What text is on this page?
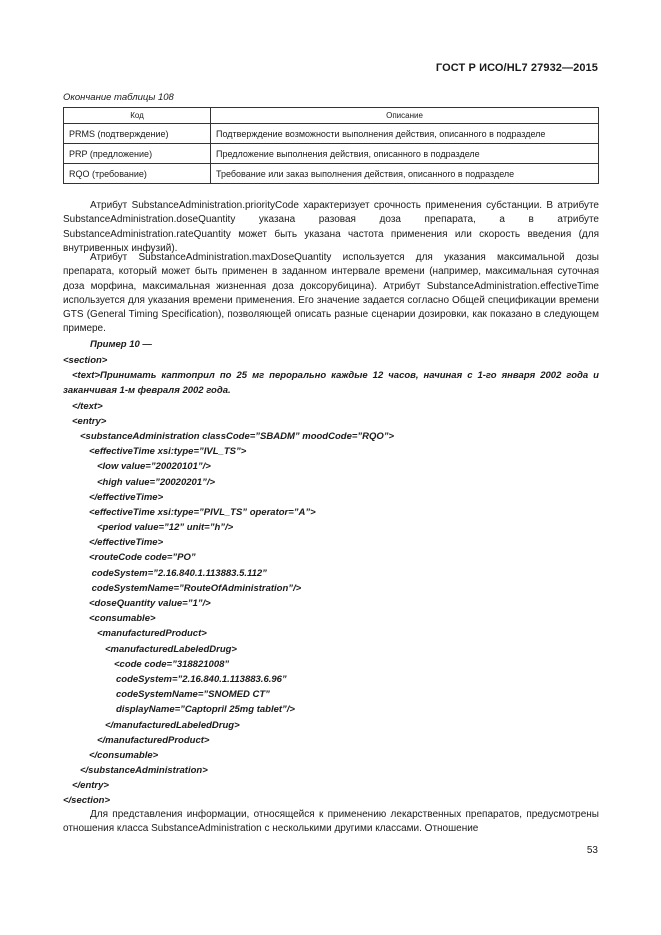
ГОСТ Р ИСО/HL7 27932—2015
Окончание таблицы 108
Код	Описание
PRMS (подтверждение)	Подтверждение возможности выполнения действия, описанного в подразделе
PRP (предложение)	Предложение выполнения действия, описанного в подразделе
RQO (требование)	Требование или заказ выполнения действия, описанного в подразделе

Атрибут SubstanceAdministration.priorityCode характеризует срочность применения субстанции. В атрибуте SubstanceAdministration.doseQuantity указана разовая доза препарата, а в атрибуте SubstanceAdministration.rateQuantity может быть указана частота применения или скорость введения (для внутривенных инфузий).

Атрибут SubstanceAdministration.maxDoseQuantity используется для указания максимальной дозы препарата, который может быть применен в заданном интервале времени (например, максимальная суточная доза морфина, максимальная жизненная доза доксорубицина). Атрибут SubstanceAdministration.effectiveTime используется для указания времени применения. Его значение задается согласно Общей спецификации времени GTS (General Timing Specification), позволяющей описать разные сценарии дозировки, как показано в следующем примере.

Пример 10 —
<section>
<text>Принимать каптоприл по 25 мг перорально каждые 12 часов, начиная с 1-го января 2002 года и заканчивая 1-м февраля 2002 года.
</text>
<entry>
<substanceAdministration classCode=”SBADM” moodCode=”RQO”>
<effectiveTime xsi:type=”IVL_TS”>
<low value=”20020101”/>
<high value=”20020201”/>
</effectiveTime>
<effectiveTime xsi:type=”PIVL_TS” operator=”A”>
<period value=”12” unit=”h”/>
</effectiveTime>
<routeCode code=”PO”
codeSystem=”2.16.840.1.113883.5.112”
codeSystemName=”RouteOfAdministration”/>
<doseQuantity value=”1”/>
<consumable>
<manufacturedProduct>
<manufacturedLabeledDrug>
<code code=”318821008”
codeSystem=”2.16.840.1.113883.6.96”
codeSystemName=”SNOMED CT”
displayName=”Captopril 25mg tablet”/>
</manufacturedLabeledDrug>
</manufacturedProduct>
</consumable>
</substanceAdministration>
</entry>
</section>

Для представления информации, относящейся к применению лекарственных препаратов, предусмотрены отношения класса SubstanceAdministration с несколькими другими классами. Отношение

53
